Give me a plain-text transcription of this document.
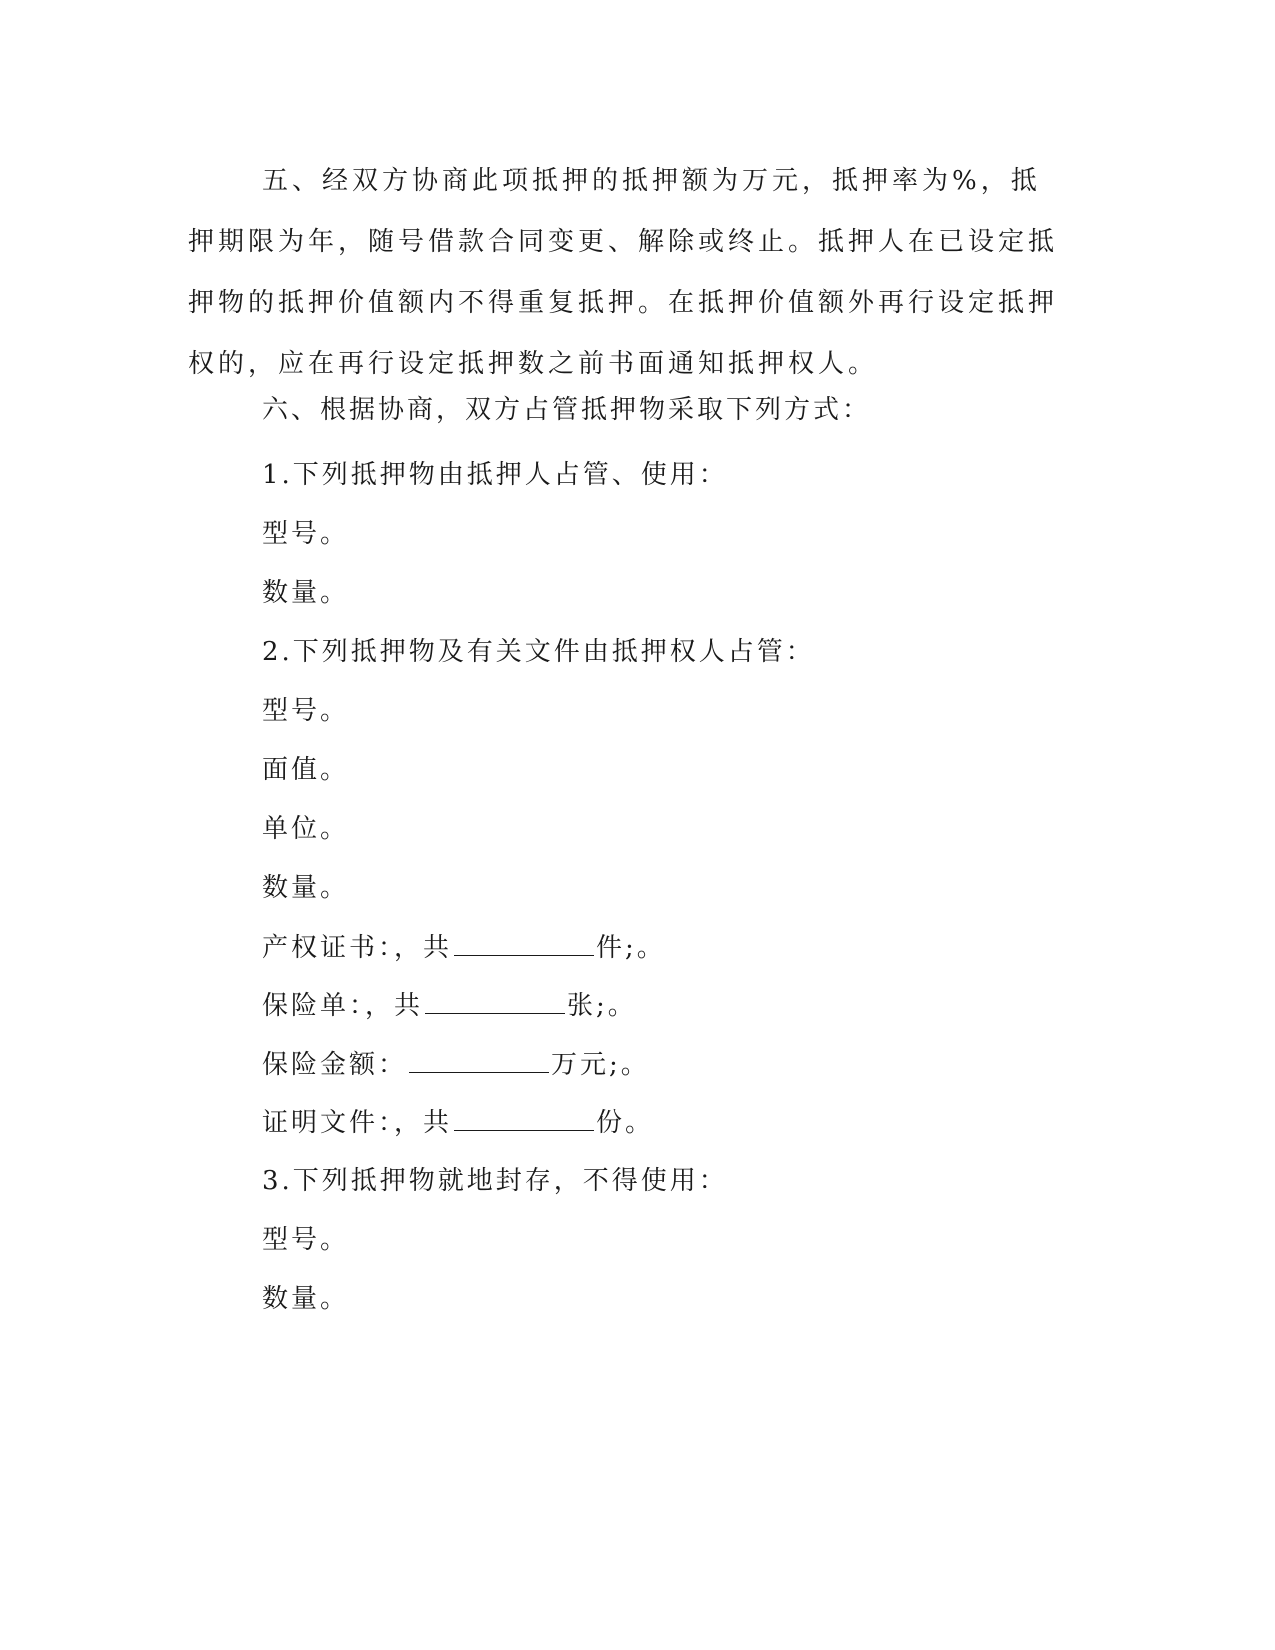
五、经双方协商此项抵押的抵押额为万元，抵押率为%，抵押期限为年，随号借款合同变更、解除或终止。抵押人在已设定抵押物的抵押价值额内不得重复抵押。在抵押价值额外再行设定抵押权的，应在再行设定抵押数之前书面通知抵押权人。
六、根据协商，双方占管抵押物采取下列方式：
1.下列抵押物由抵押人占管、使用：
型号。
数量。
2.下列抵押物及有关文件由抵押权人占管：
型号。
面值。
单位。
数量。
产权证书：，共	件;。
保险单：，共	张;。
保险金额：	万元;。
证明文件：，共	份。
3.下列抵押物就地封存，不得使用：
型号。
数量。
